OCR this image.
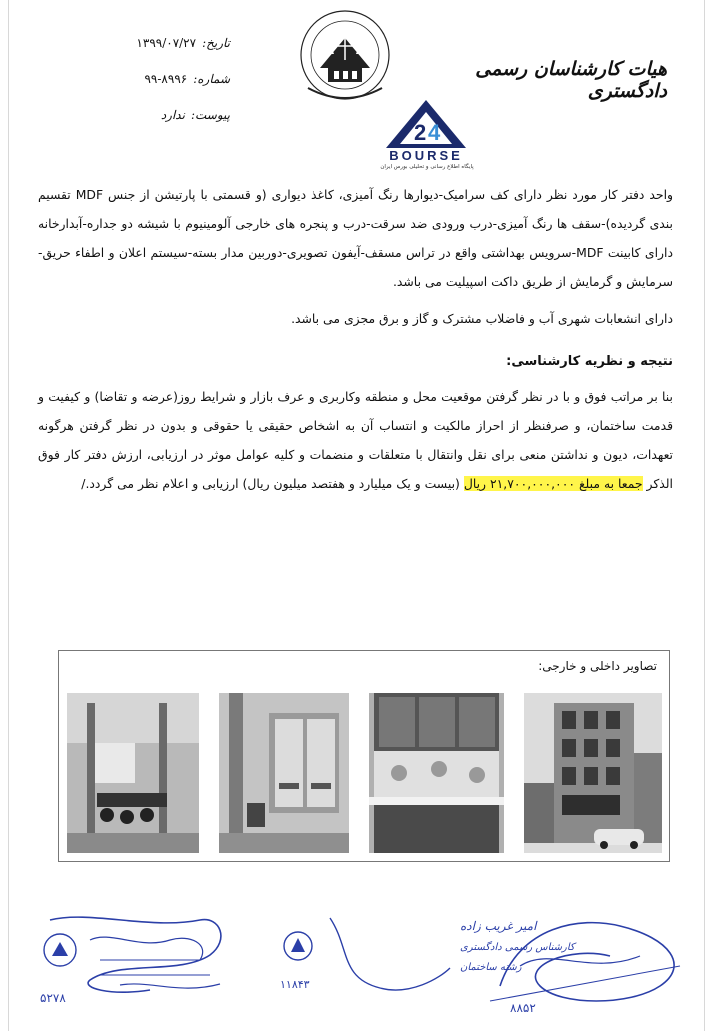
تاریخ:
۱۳۹۹/۰۷/۲۷
شماره:
۹۹-۸۹۹۶
پیوست:
ندارد
هیات کارشناسان رسمی دادگستری
2 4
BOURSE
پایگاه اطلاع رسانی و تحلیلی بورس ایران

واحد دفتر کار مورد نظر دارای کف سرامیک-دیوارها رنگ آمیزی، کاغذ دیواری (و قسمتی با پارتیشن از جنس MDF تقسیم بندی گردیده)-سقف ها رنگ آمیزی-درب ورودی ضد سرقت-درب و پنجره های خارجی آلومینیوم با شیشه دو جداره-آبدارخانه دارای کابینت MDF-سرویس بهداشتی واقع در تراس مسقف-آیفون تصویری-دوربین مدار بسته-سیستم اعلان و اطفاء حریق-سرمایش و گرمایش از طریق داکت اسپیلیت می باشد.

دارای انشعابات شهری آب و فاضلاب مشترک و گاز و برق مجزی می باشد.

نتیجه و نظریه کارشناسی:

بنا بر مراتب فوق و با در نظر گرفتن موقعیت محل و منطقه وکاربری و عرف بازار و شرایط روز(عرضه و تقاضا) و کیفیت و قدمت ساختمان، و صرفنظر از احراز مالکیت و انتساب آن به اشخاص حقیقی یا حقوقی و بدون در نظر گرفتن هرگونه تعهدات، دیون و نداشتن منعی برای نقل وانتقال با متعلقات و منضمات و کلیه عوامل موثر در ارزیابی، ارزش دفتر کار فوق الذکر جمعا به مبلغ ۲۱,۷۰۰,۰۰۰,۰۰۰ ریال (بیست و یک میلیارد و هفتصد میلیون ریال) ارزیابی و اعلام نظر می گردد./

تصاویر داخلی و خارجی:
۵۲۷۸
امیر غریب زاده
کارشناس رسمی دادگستری
رشته ساختمان
۱۱۸۴۳
۸۸۵۲
